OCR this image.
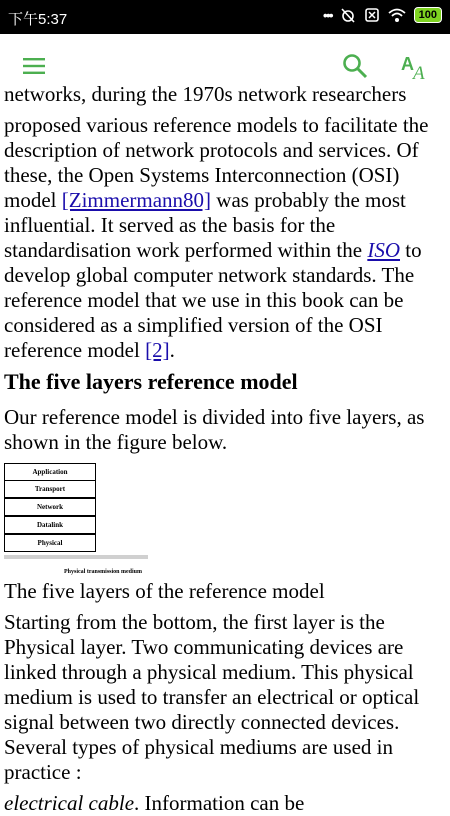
下午5:37	•••	100
A A

networks, during the 1970s network researchers

proposed various reference models to facilitate the description of network protocols and services. Of these, the Open Systems Interconnection (OSI) model [Zimmermann80] was probably the most influential. It served as the basis for the standardisation work performed within the ISO to develop global computer network standards. The reference model that we use in this book can be considered as a simplified version of the OSI reference model [2].

The five layers reference model

Our reference model is divided into five layers, as shown in the figure below.

Application
Transport
Network
Datalink
Physical
Physical transmission medium

The five layers of the reference model

Starting from the bottom, the first layer is the Physical layer. Two communicating devices are linked through a physical medium. This physical medium is used to transfer an electrical or optical signal between two directly connected devices. Several types of physical mediums are used in practice :

• electrical cable. Information can be
